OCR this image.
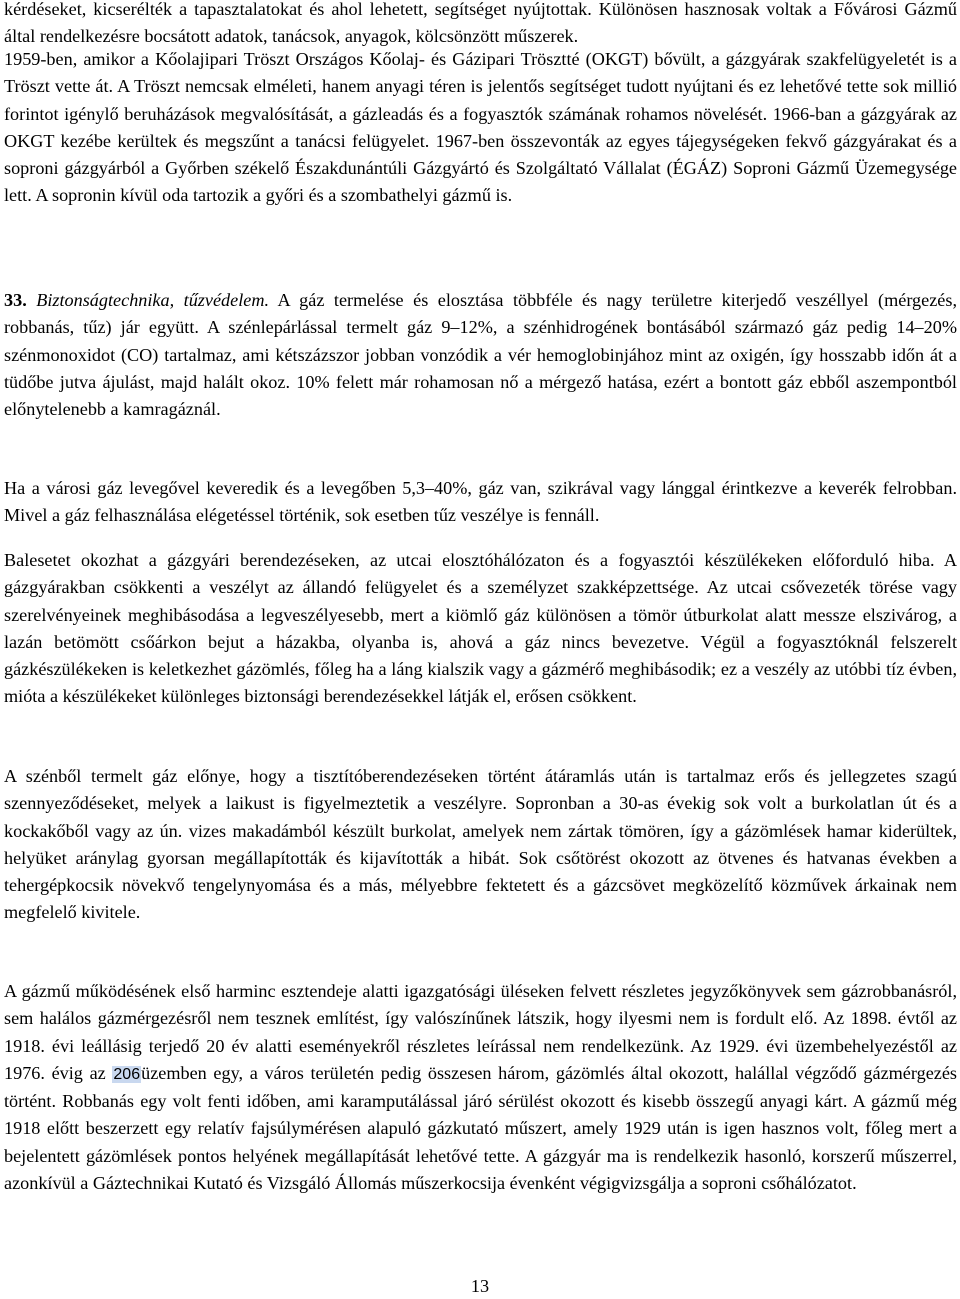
kérdéseket, kicserélték a tapasztalatokat és ahol lehetett, segítséget nyújtottak. Különösen hasznosak voltak a Fővárosi Gázmű által rendelkezésre bocsátott adatok, tanácsok, anyagok, kölcsönzött műszerek.

1959-ben, amikor a Kőolajipari Tröszt Országos Kőolaj- és Gázipari Trösztté (OKGT) bővült, a gázgyárak szakfelügyeletét is a Tröszt vette át. A Tröszt nemcsak elméleti, hanem anyagi téren is jelentős segítséget tudott nyújtani és ez lehetővé tette sok millió forintot igénylő beruházások megvalósítását, a gázleadás és a fogyasztók számának rohamos növelését. 1966-ban a gázgyárak az OKGT kezébe kerültek és megszűnt a tanácsi felügyelet. 1967-ben összevonták az egyes tájegységeken fekvő gázgyárakat és a soproni gázgyárból a Győrben székelő Északdunántúli Gázgyártó és Szolgáltató Vállalat (ÉGÁZ) Soproni Gázmű Üzemegysége lett. A sopronin kívül oda tartozik a győri és a szombathelyi gázmű is.

33. Biztonságtechnika, tűzvédelem. A gáz termelése és elosztása többféle és nagy területre kiterjedő veszéllyel (mérgezés, robbanás, tűz) jár együtt. A szénlepárlással termelt gáz 9–12%, a szénhidrogének bontásából származó gáz pedig 14–20% szénmonoxidot (CO) tartalmaz, ami kétszázszor jobban vonzódik a vér hemoglobinjához mint az oxigén, így hosszabb időn át a tüdőbe jutva ájulást, majd halált okoz. 10% felett már rohamosan nő a mérgező hatása, ezért a bontott gáz ebből aszempontból előnytelenebb a kamragáznál.

Ha a városi gáz levegővel keveredik és a levegőben 5,3–40%, gáz van, szikrával vagy lánggal érintkezve a keverék felrobban. Mivel a gáz felhasználása elégetéssel történik, sok esetben tűz veszélye is fennáll.

Balesetet okozhat a gázgyári berendezéseken, az utcai elosztóhálózaton és a fogyasztói készülékeken előforduló hiba. A gázgyárakban csökkenti a veszélyt az állandó felügyelet és a személyzet szakképzettsége. Az utcai csővezeték törése vagy szerelvényeinek meghibásodása a legveszélyesebb, mert a kiömlő gáz különösen a tömör útburkolat alatt messze elszivárog, a lazán betömött csőárkon bejut a házakba, olyanba is, ahová a gáz nincs bevezetve. Végül a fogyasztóknál felszerelt gázkészülékeken is keletkezhet gázömlés, főleg ha a láng kialszik vagy a gázmérő meghibásodik; ez a veszély az utóbbi tíz évben, mióta a készülékeket különleges biztonsági berendezésekkel látják el, erősen csökkent.

A szénből termelt gáz előnye, hogy a tisztítóberendezéseken történt átáramlás után is tartalmaz erős és jellegzetes szagú szennyeződéseket, melyek a laikust is figyelmeztetik a veszélyre. Sopronban a 30-as évekig sok volt a burkolatlan út és a kockakőből vagy az ún. vizes makadámból készült burkolat, amelyek nem zártak tömören, így a gázömlések hamar kiderültek, helyüket aránylag gyorsan megállapították és kijavították a hibát. Sok csőtörést okozott az ötvenes és hatvanas években a tehergépkocsik növekvő tengelynyomása és a más, mélyebbre fektetett és a gázcsövet megközelítő közművek árkainak nem megfelelő kivitele.

A gázmű működésének első harminc esztendeje alatti igazgatósági üléseken felvett részletes jegyzőkönyvek sem gázrobbanásról, sem halálos gázmérgezésről nem tesznek említést, így valószínűnek látszik, hogy ilyesmi nem is fordult elő. Az 1898. évtől az 1918. évi leállásig terjedő 20 év alatti eseményekről részletes leírással nem rendelkezünk. Az 1929. évi üzembehelyezéstől az 1976. évig az 206üzemben egy, a város területén pedig összesen három, gázömlés által okozott, halállal végződő gázmérgezés történt. Robbanás egy volt fenti időben, ami karamputálással járó sérülést okozott és kisebb összegű anyagi kárt. A gázmű még 1918 előtt beszerzett egy relatív fajsúlymérésen alapuló gázkutató műszert, amely 1929 után is igen hasznos volt, főleg mert a bejelentett gázömlések pontos helyének megállapítását lehetővé tette. A gázgyár ma is rendelkezik hasonló, korszerű műszerrel, azonkívül a Gáztechnikai Kutató és Vizsgáló Állomás műszerkocsija évenként végigvizsgálja a soproni csőhálózatot.

13
